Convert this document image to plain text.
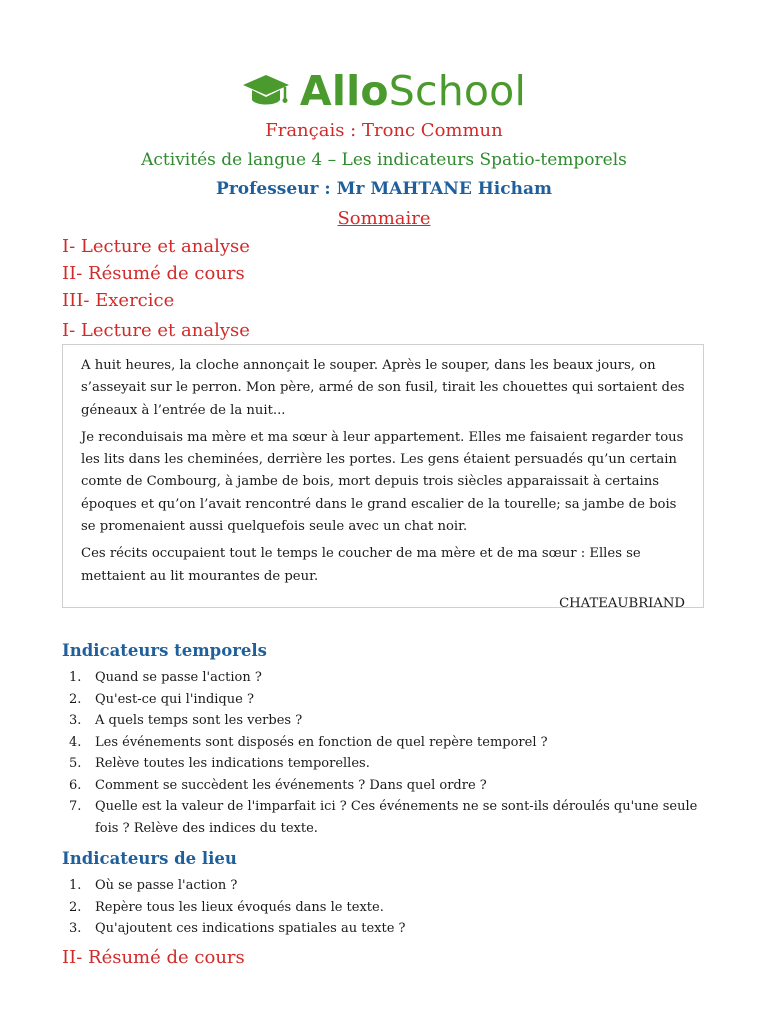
AlloSchool
Français : Tronc Commun
Activités de langue 4 – Les indicateurs Spatio-temporels
Professeur : Mr MAHTANE Hicham
Sommaire
I- Lecture et analyse
II- Résumé de cours
III- Exercice
I- Lecture et analyse

A huit heures, la cloche annonçait le souper. Après le souper, dans les beaux jours, on s’asseyait sur le perron. Mon père, armé de son fusil, tirait les chouettes qui sortaient des géneaux à l’entrée de la nuit...

Je reconduisais ma mère et ma sœur à leur appartement. Elles me faisaient regarder tous les lits dans les cheminées, derrière les portes. Les gens étaient persuadés qu’un certain comte de Combourg, à jambe de bois, mort depuis trois siècles apparaissait à certains époques et qu’on l’avait rencontré dans le grand escalier de la tourelle; sa jambe de bois se promenaient aussi quelquefois seule avec un chat noir.

Ces récits occupaient tout le temps le coucher de ma mère et de ma sœur : Elles se mettaient au lit mourantes de peur.

CHATEAUBRIAND
Indicateurs temporels
1. Quand se passe l'action ?
2. Qu'est-ce qui l'indique ?
3. A quels temps sont les verbes ?
4. Les événements sont disposés en fonction de quel repère temporel ?
5. Relève toutes les indications temporelles.
6. Comment se succèdent les événements ? Dans quel ordre ?
7. Quelle est la valeur de l'imparfait ici ? Ces événements ne se sont-ils déroulés qu'une seule fois ? Relève des indices du texte.
Indicateurs de lieu
1. Où se passe l'action ?
2. Repère tous les lieux évoqués dans le texte.
3. Qu'ajoutent ces indications spatiales au texte ?
II- Résumé de cours
